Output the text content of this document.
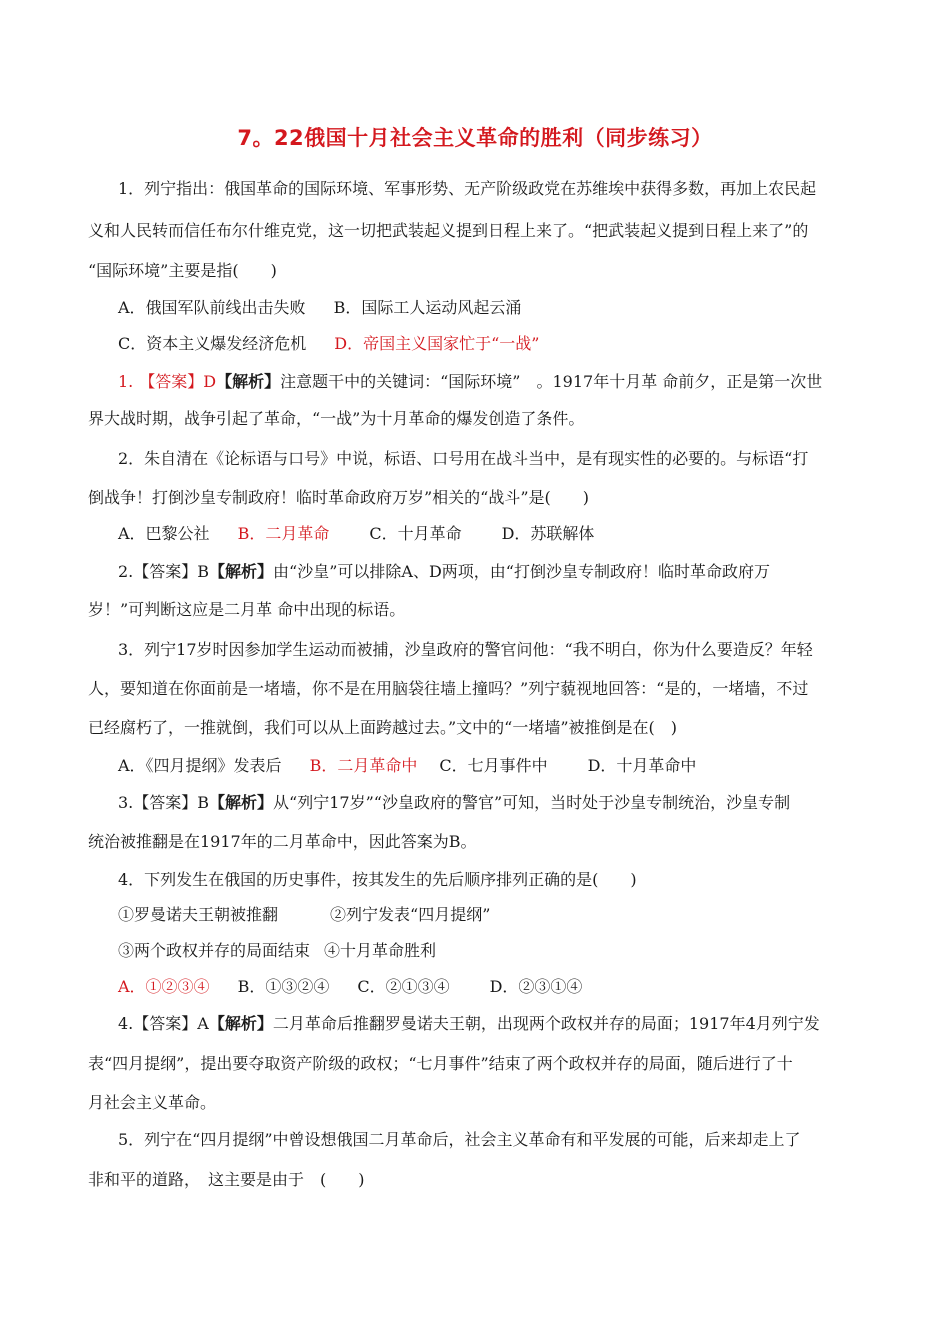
7。22俄国十月社会主义革命的胜利（同步练习）
1．列宁指出：俄国革命的国际环境、军事形势、无产阶级政党在苏维埃中获得多数，再加上农民起
义和人民转而信任布尔什维克党，这一切把武装起义提到日程上来了。“把武装起义提到日程上来了”的
“国际环境”主要是指(　　)
A．俄国军队前线出击失败 B．国际工人运动风起云涌
C．资本主义爆发经济危机 D．帝国主义国家忙于“一战”
1. 【答案】D【解析】注意题干中的关键词：“国际环境”　。1917年十月革 命前夕，正是第一次世
界大战时期，战争引起了革命，“一战”为十月革命的爆发创造了条件。
2．朱自清在《论标语与口号》中说，标语、口号用在战斗当中，是有现实性的必要的。与标语“打
倒战争！打倒沙皇专制政府！临时革命政府万岁”相关的“战斗”是(　　)
A．巴黎公社 B．二月革命	C．十月革命	D．苏联解体
2.【答案】B【解析】由“沙皇”可以排除A、D两项，由“打倒沙皇专制政府！临时革命政府万
岁！”可判断这应是二月革 命中出现的标语。
3．列宁17岁时因参加学生运动而被捕，沙皇政府的警官问他：“我不明白，你为什么要造反？年轻
人，要知道在你面前是一堵墙，你不是在用脑袋往墙上撞吗？”列宁藐视地回答：“是的，一堵墙，不过
已经腐朽了，一推就倒，我们可以从上面跨越过去。”文中的“一堵墙”被推倒是在(　)
A．《四月提纲》发表后 B．二月革命中 C．七月事件中	D．十月革命中
3.【答案】B【解析】从“列宁17岁”“沙皇政府的警官”可知，当时处于沙皇专制统治，沙皇专制
统治被推翻是在1917年的二月革命中，因此答案为B。
4．下列发生在俄国的历史事件，按其发生的先后顺序排列正确的是(　　)
①罗曼诺夫王朝被推翻	②列宁发表“四月提纲”
③两个政权并存的局面结束 ④十月革命胜利
A．①②③④ B．①③②④ C．②①③④	D．②③①④
4.【答案】A【解析】二月革命后推翻罗曼诺夫王朝，出现两个政权并存的局面；1917年4月列宁发
表“四月提纲”，提出要夺取资产阶级的政权；“七月事件”结束了两个政权并存的局面，随后进行了十
月社会主义革命。
5．列宁在“四月提纲”中曾设想俄国二月革命后，社会主义革命有和平发展的可能，后来却走上了
非和平的道路，　这主要是由于　(　　)
